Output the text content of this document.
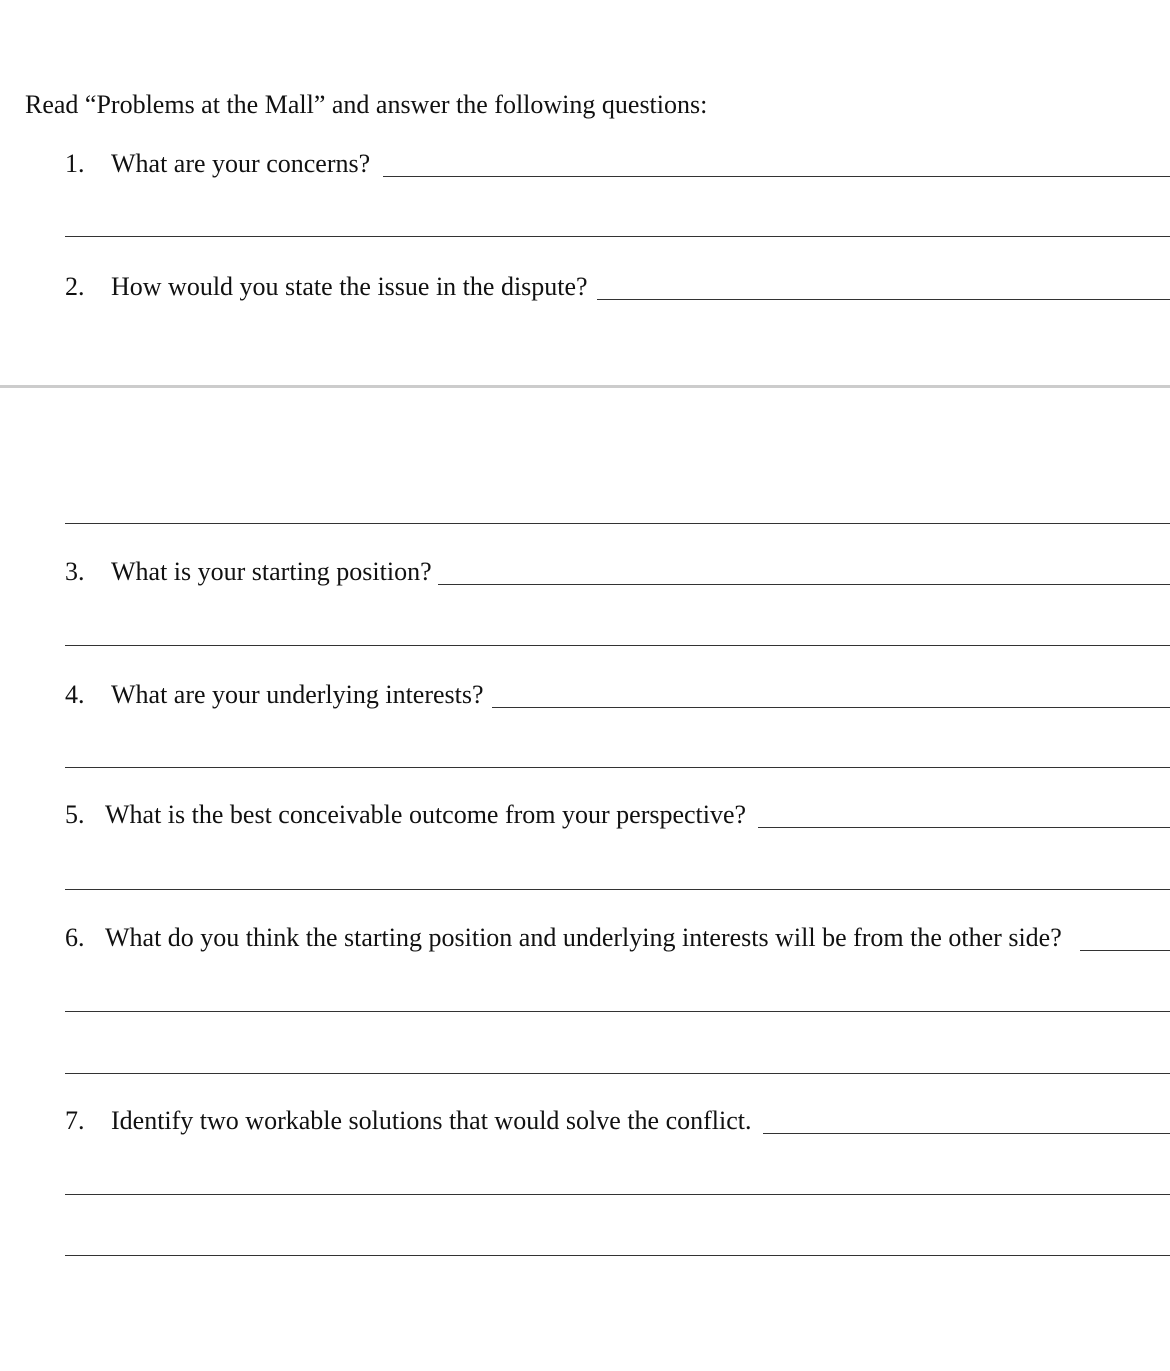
Read “Problems at the Mall” and answer the following questions:
1. What are your concerns?
2. How would you state the issue in the dispute?
3. What is your starting position?
4. What are your underlying interests?
5. What is the best conceivable outcome from your perspective?
6. What do you think the starting position and underlying interests will be from the other side?
7. Identify two workable solutions that would solve the conflict.
